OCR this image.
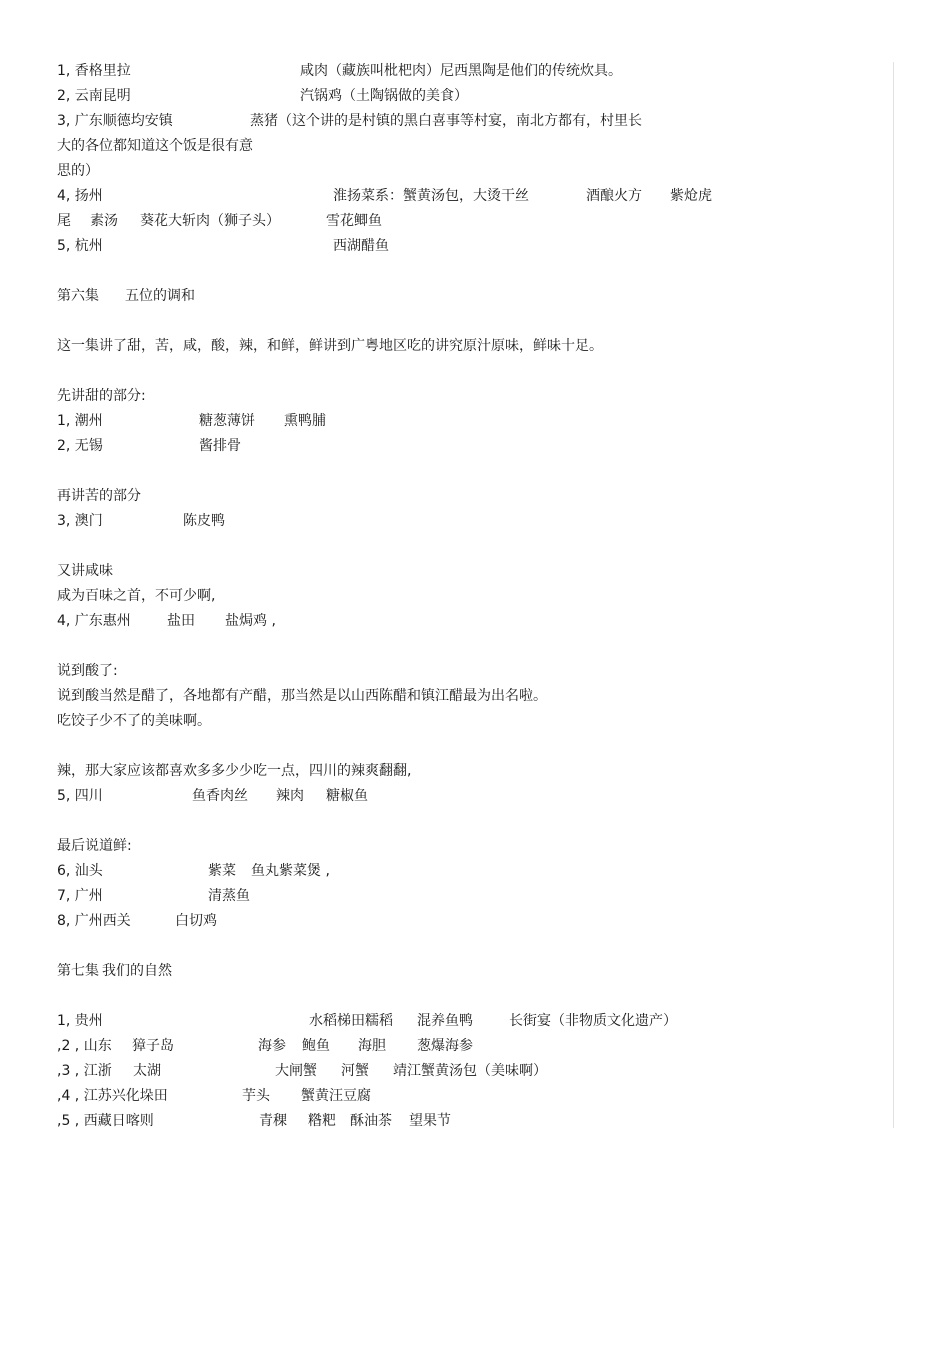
1, 香格里拉	咸肉（藏族叫枇杷肉）尼西黑陶是他们的传统炊具。
2, 云南昆明	汽锅鸡（土陶锅做的美食）
3, 广东顺德均安镇	蒸猪（这个讲的是村镇的黑白喜事等村宴，南北方都有，村里长
大的各位都知道这个饭是很有意
思的）
4, 扬州	淮扬菜系：蟹黄汤包，大烫干丝	酒酿火方 紫炝虎
尾 素汤 葵花大斩肉（狮子头）	雪花鲫鱼
5, 杭州	西湖醋鱼
第六集 五位的调和
这一集讲了甜，苦，咸，酸，辣，和鲜，鲜讲到广粤地区吃的讲究原汁原味，鲜味十足。
先讲甜的部分:
1, 潮州	糖葱薄饼 熏鸭脯
2, 无锡	酱排骨
再讲苦的部分
3, 澳门	陈皮鸭
又讲咸味
咸为百味之首，不可少啊,
4, 广东惠州	盐田 盐焗鸡 ,
说到酸了:
说到酸当然是醋了，各地都有产醋，那当然是以山西陈醋和镇江醋最为出名啦。
吃饺子少不了的美味啊。
辣，那大家应该都喜欢多多少少吃一点，四川的辣爽翻翻,
5, 四川	鱼香肉丝 辣肉 糖椒鱼
最后说道鲜:
6, 汕头	紫菜 鱼丸紫菜煲 ,
7, 广州	清蒸鱼
8, 广州西关	白切鸡
第七集 我们的自然
1, 贵州	水稻梯田糯稻 混养鱼鸭	长街宴（非物质文化遗产）
,2 , 山东 獐子岛	海参 鲍鱼 海胆 葱爆海参
,3 , 江浙 太湖	大闸蟹 河蟹 靖江蟹黄汤包（美味啊）
,4 , 江苏兴化垛田	芋头 蟹黄汪豆腐
,5 , 西藏日喀则	青稞 糌粑 酥油茶 望果节
